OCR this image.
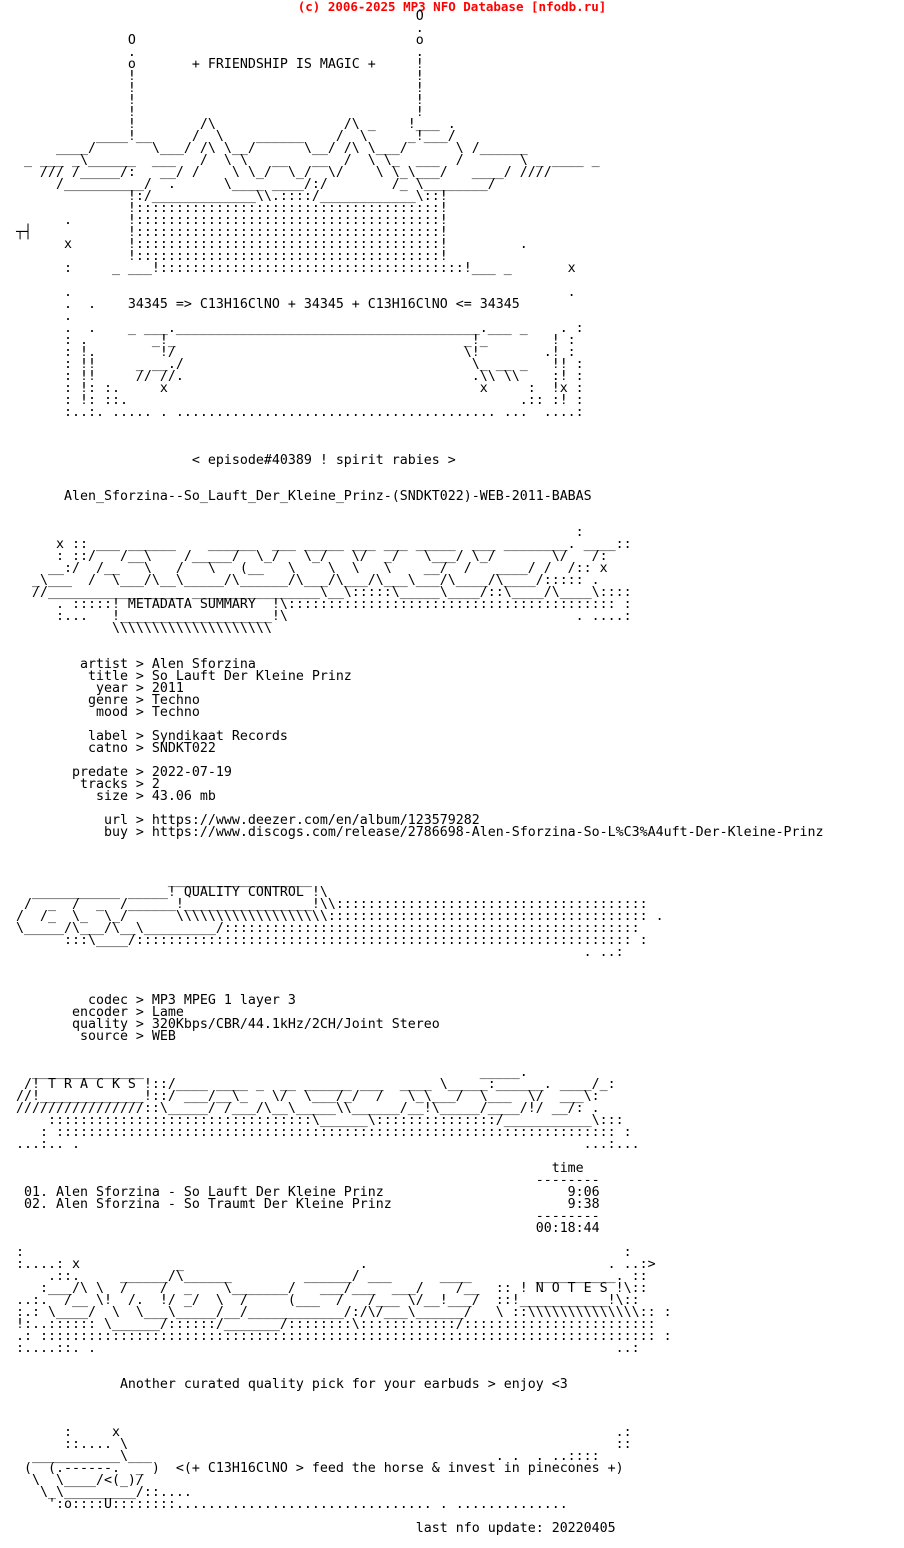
(c) 2006-2025 MP3 NFO Database [nfodb.ru]
O
.
O                                   o
.                                   .
o       + FRIENDSHIP IS MAGIC +     !
!                                   !
!                                   !
!                                   !
!                                   !
!        /\                /\ _    !___ .
____!__     /  \    ______    /  \     _!___/
____/       \___/ /\ \__/      \__/ /\ \___/      \ /______
_ ___ _\______  ___   /  \ \   __   __  /  \ \_  ___  /       \ _ ____ _
/// /_____/:   __/ /    \ \_/  \_/  \/    \ \_\___/   ____/ ////
/__________/  .      \____ ____/:/        /_ \________/
!:/_____________\\.::::/____________\::!
!::::::::::::::::::::::::::::::::::::::!
.       !::::::::::::::::::::::::::::::::::::::!
┬┤            !::::::::::::::::::::::::::::::::::::::!
x       !::::::::::::::::::::::::::::::::::::::!         .
!::::::::::::::::::::::::::::::::::::::!
:     _ ___!::::::::::::::::::::::::::::::::::::::!___ _       x

.                                                              .
.  .    34345 => C13H16ClNO + 34345 + C13H16ClNO <= 34345
.
.  .    _ ___.______________________________________.___ _    . :
: .        _!_                                    _!_        ! :
: !.        !/                                    \!        .! :
: !!     _ __./                                    \_ __ _   !! :
: !!     // //.                                    .\\ \\    :! :
: !: :.     x                                       x     :  !x :
: !: ::.                                                 .:: :! :
:..:. ..... . ........................................ ...  ....:

< episode#40389 ! spirit rabies >

Alen_Sforzina--So_Lauft_Der_Kleine_Prinz-(SNDKT022)-WEB-2011-BABAS

:
x :: ___ ______    ______  ___ _____ ___ ___ _____  ___ ________. ____::
: ::/   /__\    /_____/  \_/   \_/   \/  _/   \___/ \_/       \/   /:
__:/  /__   \   /   \   (__   \    \  \   \    __/  /   ____/ /  /:: x
_\___  /  \___/\__\_____/\______/\___/\___/\___\___/\____/\____/::::: .
//_________________ ________________\__\:::::\_____\____/::\____/\____\::::
. :::::! METADATA SUMMARY  !\::::::::::::::::::::::::::::::::::::::::: :
:...   !___________________!\                                    . ....:
\\\\\\\\\\\\\\\\\\\\

artist > Alen Sforzina
title > So Lauft Der Kleine Prinz
year > 2011
genre > Techno
mood > Techno

label > Syndikaat Records
catno > SNDKT022

predate > 2022-07-19
tracks > 2
size > 43.06 mb

url > https://www.deezer.com/en/album/123579282
buy > https://www.discogs.com/release/2786698-Alen-Sforzina-So-L%C3%A4uft-Der-Kleine-Prinz

__________________
___________ _____! QUALITY CONTROL !\
/  _  /  _  /______!________________!\\:::::::::::::::::::::::::::::::::::::::
/  /_  \_  \_/      \\\\\\\\\\\\\\\\\\\:::::::::::::::::::::::::::::::::::::::: .
\_____/\___/\__\_________/::::::::::::::::::::::::::::::::::::::::::::::::::::
:::\____/:::::::::::::::::::::::::::::::::::::::::::::::::::::::::::::: :
. ..:

codec > MP3 MPEG 1 layer 3
encoder > Lame
quality > 320Kbps/CBR/44.1kHz/2CH/Joint Stereo
source > WEB

______________                                          _____.
/! T R A C K S !::/____ ____ _  __ ______ ___  ____ \_____:______. ____/_:
//!_____________!::/ ___/__\_   \/  \___/_/  /   \_\___/  \___  \/  ___\:
////////////////::\_____/ /___/\__\_____\\______/__!\_____/____/!/ __/: .
:::::::::::::::::::::::::::::::::\______\:::::::::::::::/___________\:::
: :::::::::::::::::::::::::::::::::::::::::::::::::::::::::::::::::::::: :
...:.. .                                                               ...:...

time
--------
01. Alen Sforzina - So Lauft Der Kleine Prinz                       9:06
02. Alen Sforzina - So Traumt Der Kleine Prinz                      9:38
--------
00:18:44

:                                                                           :
:....: x            _                      .                              . ..:>
.::.     ______/\______         ______/ ___      ____        __________. ::
:___/\ \  /    /  _    \_______/   ___/___  ___/    /__  :: ! N O T E S !\::
..:.  /__ \!  /.  !/ _/  \  /     (___  /   /___ \/__!___/  ::!___________!\::
:.: \____/  \  \___\_____/__/____________/:/\/___\______/   \ ::\\\\\\\\\\\\\\:: :
!:..:::::: \______/::::::/_______/::::::::\::::::::::::/::::::::::::::::::::::::
.: ::::::::::::::::::::::::::::::::::::::::::::::::::::::::::::::::::::::::::::: :
:....::. .                                                                 ..:

Another curated quality pick for your earbuds > enjoy <3

:     x                                                              .:
::.... \                                                             ::
___________\___                                           . .  . ..::::
(  (.------.  _ )  <(+ C13H16ClNO > feed the horse & invest in pinecones +)
\  \____/<(_)/
\_\_________/::....
':o::::U::::::::................................ . ..............

last nfo update: 20220405
